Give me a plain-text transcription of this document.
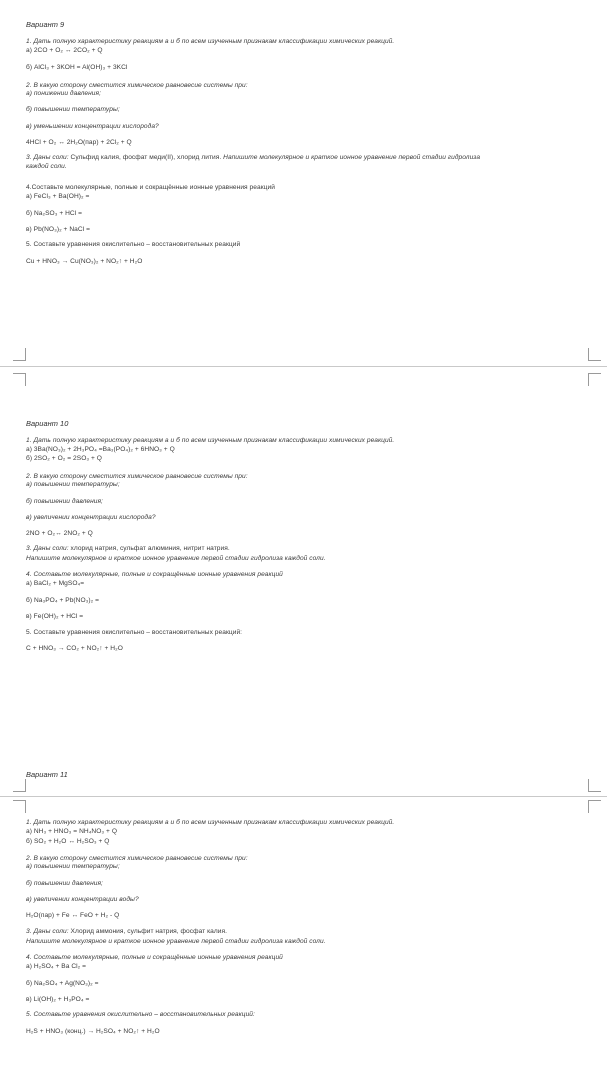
Вариант 9
1. Дать полную характеристику реакциям а и б по всем изученным признакам классификации химических реакций.
а) 2CO + O₂ ↔ 2CO₂ + Q
б) AlCl₃ + 3KOH = Al(OH)₃ + 3KCl
2. В какую сторону сместится химическое равновесие системы при:
а) понижении давления;
б) повышении температуры;
в) уменьшении концентрации кислорода?
4HCl + O₂ ↔ 2H₂O(пар) + 2Cl₂ + Q
3. Даны соли: Сульфид калия, фосфат меди(II), хлорид лития. Напишите молекулярное и краткое ионное уравнение первой стадии гидролиза
каждой соли.
4.Составьте молекулярные, полные и сокращённые ионные уравнения реакций
а) FeCl₃ + Ba(OH)₂ =
б) Na₂SO₃ + HCl =
в) Pb(NO₃)₂ + NaCl =
5. Составьте уравнения окислительно – восстановительных реакций
Cu + HNO₃ → Cu(NO₃)₂ + NO₂↑ + H₂O
Вариант 10
1. Дать полную характеристику реакциям а и б по всем изученным признакам классификации химических реакций.
а) 3Ba(NO₃)₂ + 2H₃PO₄ =Ba₃(PO₄)₂ + 6HNO₃ + Q
б) 2SO₂ + O₂ = 2SO₃ + Q
2. В какую сторону сместится химическое равновесие системы при:
а) повышении температуры;
б) повышении давления;
в) увеличении концентрации кислорода?
2NO + O₂↔ 2NO₂ + Q
3. Даны соли: хлорид натрия, сульфат алюминия, нитрит натрия.
Напишите молекулярное и краткое ионное уравнение первой стадии гидролиза каждой соли.
4. Составьте молекулярные, полные и сокращённые ионные уравнения реакций
а) BaCl₂ + MgSO₄=
б) Na₃PO₄ + Pb(NO₃)₂ =
в) Fe(OH)₂ + HCl =
5. Составьте уравнения окислительно – восстановительных реакций:
C + HNO₃ → CO₂ + NO₂↑ + H₂O
Вариант 11
1. Дать полную характеристику реакциям а и б по всем изученным признакам классификации химических реакций.
а) NH₃ + HNO₃ = NH₄NO₃ + Q
б) SO₂ + H₂O ↔ H₂SO₃ + Q
2. В какую сторону сместится химическое равновесие системы при:
а) повышении температуры;
б) повышении давления;
в) увеличении концентрации воды?
H₂O(пар) + Fe ↔ FeO + H₂ - Q
3. Даны соли: Хлорид аммония, сульфит натрия, фосфат калия.
Напишите молекулярное и краткое ионное уравнение первой стадии гидролиза каждой соли.
4. Составьте молекулярные, полные и сокращённые ионные уравнения реакций
а) H₂SO₄ + Ba Cl₂ =
б) Na₂SO₄ + Ag(NO₃)₂ =
в) Li(OH)₂ + H₃PO₄ =
5. Составьте уравнения окислительно – восстановительных реакций:
H₂S + HNO₃ (конц.) → H₂SO₄ + NO₂↑ + H₂O
